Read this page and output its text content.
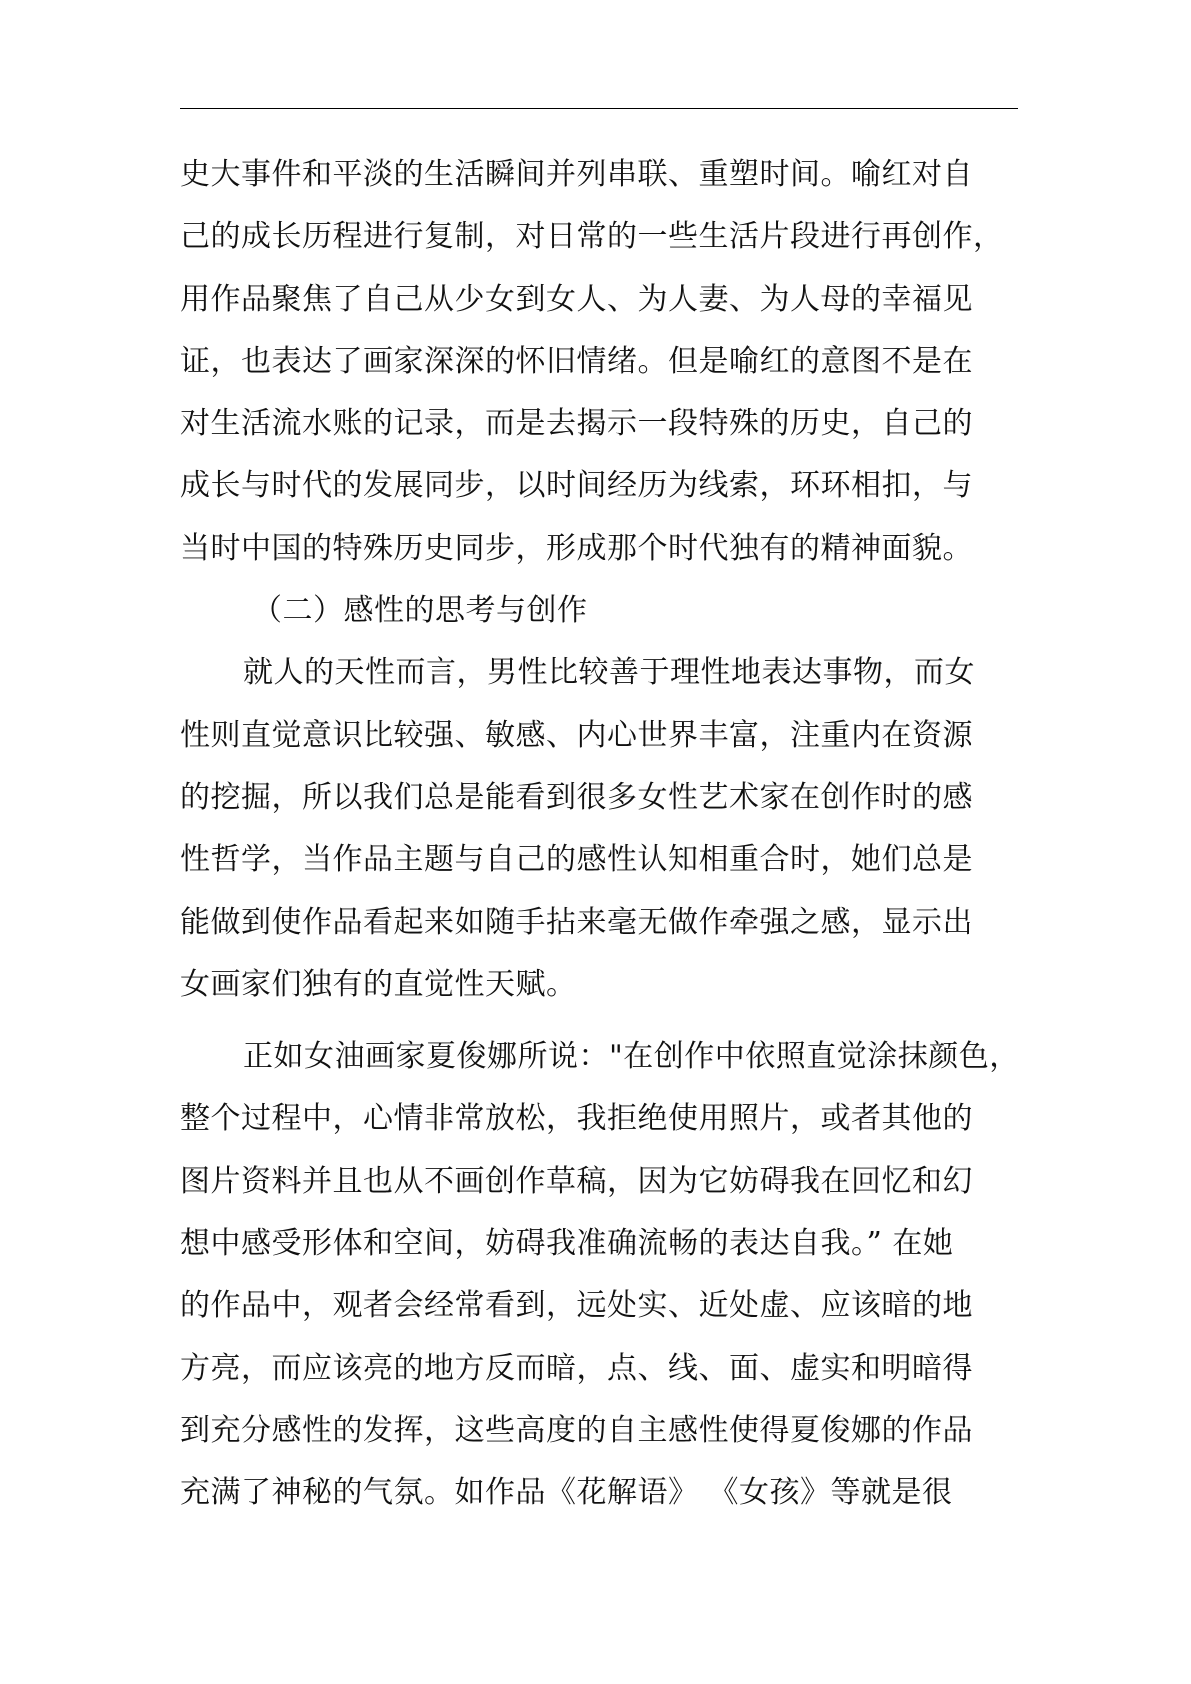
史大事件和平淡的生活瞬间并列串联、重塑时间。喻红对自
己的成长历程进行复制，对日常的一些生活片段进行再创作，
用作品聚焦了自己从少女到女人、为人妻、为人母的幸福见
证，也表达了画家深深的怀旧情绪。但是喻红的意图不是在
对生活流水账的记录，而是去揭示一段特殊的历史，自己的
成长与时代的发展同步，以时间经历为线索，环环相扣，与
当时中国的特殊历史同步，形成那个时代独有的精神面貌。
（二）感性的思考与创作
就人的天性而言，男性比较善于理性地表达事物，而女
性则直觉意识比较强、敏感、内心世界丰富，注重内在资源
的挖掘，所以我们总是能看到很多女性艺术家在创作时的感
性哲学，当作品主题与自己的感性认知相重合时，她们总是
能做到使作品看起来如随手拈来毫无做作牵强之感，显示出
女画家们独有的直觉性天赋。
正如女油画家夏俊娜所说："在创作中依照直觉涂抹颜色，
整个过程中，心情非常放松，我拒绝使用照片，或者其他的
图片资料并且也从不画创作草稿，因为它妨碍我在回忆和幻
想中感受形体和空间，妨碍我准确流畅的表达自我。” 在她
的作品中，观者会经常看到，远处实、近处虚、应该暗的地
方亮，而应该亮的地方反而暗，点、线、面、虚实和明暗得
到充分感性的发挥，这些高度的自主感性使得夏俊娜的作品
充满了神秘的气氛。如作品《花解语》 《女孩》等就是很
